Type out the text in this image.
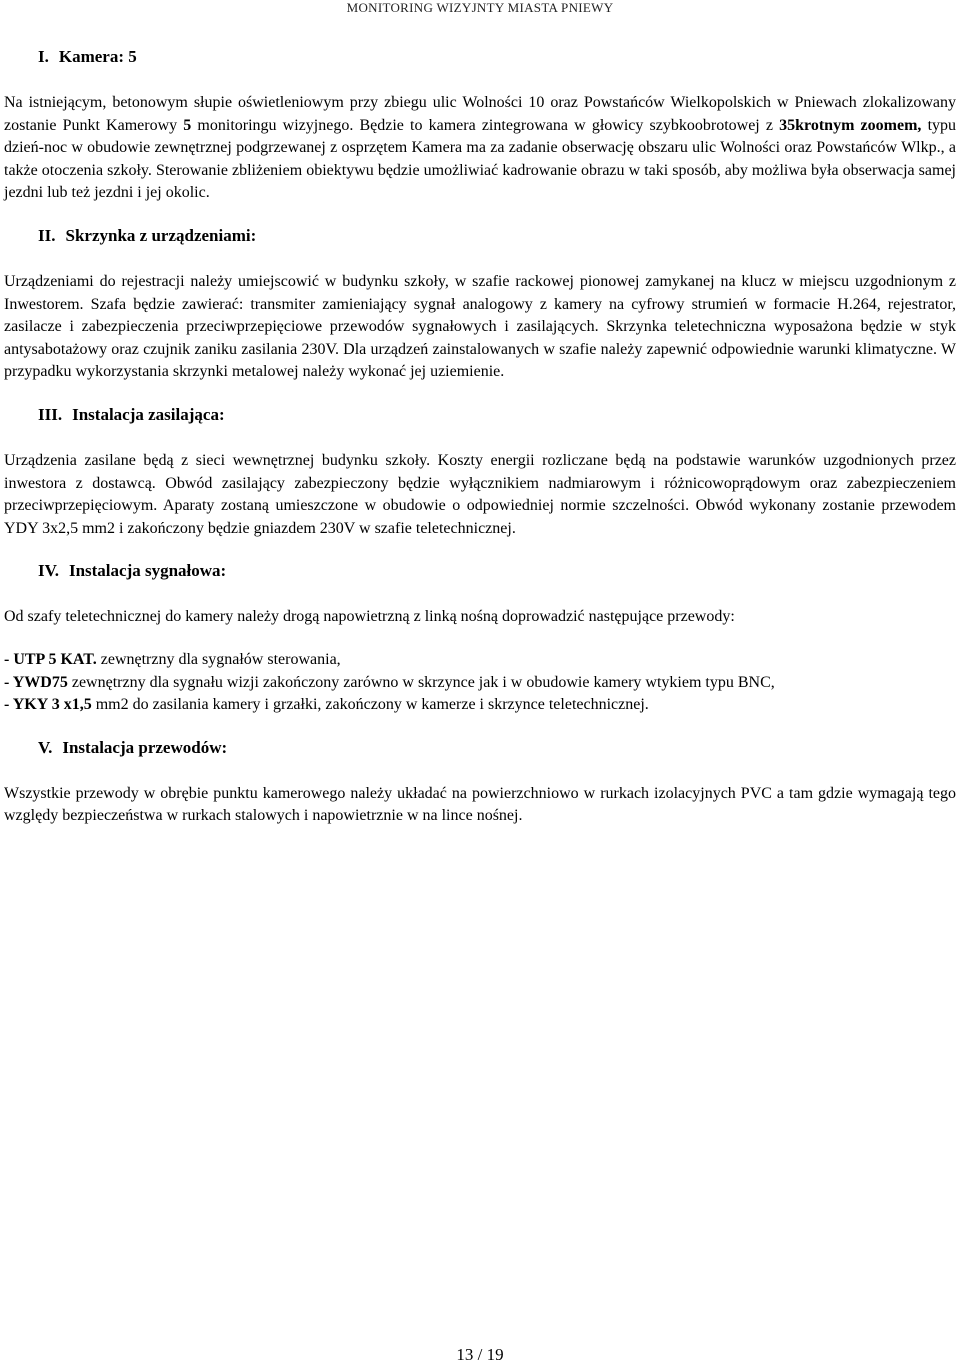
MONITORING WIZYJNTY MIASTA PNIEWY
I. Kamera: 5

Na istniejącym, betonowym słupie oświetleniowym przy zbiegu ulic Wolności 10 oraz Powstańców Wielkopolskich w Pniewach zlokalizowany zostanie Punkt Kamerowy 5 monitoringu wizyjnego. Będzie to kamera zintegrowana w głowicy szybkoobrotowej z 35krotnym zoomem, typu dzień-noc w obudowie zewnętrznej podgrzewanej z osprzętem Kamera ma za zadanie obserwację obszaru ulic Wolności oraz Powstańców Wlkp., a także otoczenia szkoły. Sterowanie zbliżeniem obiektywu będzie umożliwiać kadrowanie obrazu w taki sposób, aby możliwa była obserwacja samej jezdni lub też jezdni i jej okolic.

II. Skrzynka z urządzeniami:

Urządzeniami do rejestracji należy umiejscowić w budynku szkoły, w szafie rackowej pionowej zamykanej na klucz w miejscu uzgodnionym z Inwestorem. Szafa będzie zawierać: transmiter zamieniający sygnał analogowy z kamery na cyfrowy strumień w formacie H.264, rejestrator, zasilacze i zabezpieczenia przeciwprzepięciowe przewodów sygnałowych i zasilających. Skrzynka teletechniczna wyposażona będzie w styk antysabotażowy oraz czujnik zaniku zasilania 230V. Dla urządzeń zainstalowanych w szafie należy zapewnić odpowiednie warunki klimatyczne. W przypadku wykorzystania skrzynki metalowej należy wykonać jej uziemienie.

III. Instalacja zasilająca:

Urządzenia zasilane będą z sieci wewnętrznej budynku szkoły. Koszty energii rozliczane będą na podstawie warunków uzgodnionych przez inwestora z dostawcą. Obwód zasilający zabezpieczony będzie wyłącznikiem nadmiarowym i różnicowoprądowym oraz zabezpieczeniem przeciwprzepięciowym. Aparaty zostaną umieszczone w obudowie o odpowiedniej normie szczelności. Obwód wykonany zostanie przewodem YDY 3x2,5 mm2 i zakończony będzie gniazdem 230V w szafie teletechnicznej.

IV. Instalacja sygnałowa:

Od szafy teletechnicznej do kamery należy drogą napowietrzną z linką nośną doprowadzić następujące przewody:

- UTP 5 KAT. zewnętrzny dla sygnałów sterowania,

- YWD75 zewnętrzny dla sygnału wizji zakończony zarówno w skrzynce jak i w obudowie kamery wtykiem typu BNC,

- YKY 3 x1,5 mm2 do zasilania kamery i grzałki, zakończony w kamerze i skrzynce teletechnicznej.

V. Instalacja przewodów:

Wszystkie przewody w obrębie punktu kamerowego należy układać na powierzchniowo w rurkach izolacyjnych PVC a tam gdzie wymagają tego względy bezpieczeństwa w rurkach stalowych i napowietrznie w na lince nośnej.

13 / 19
